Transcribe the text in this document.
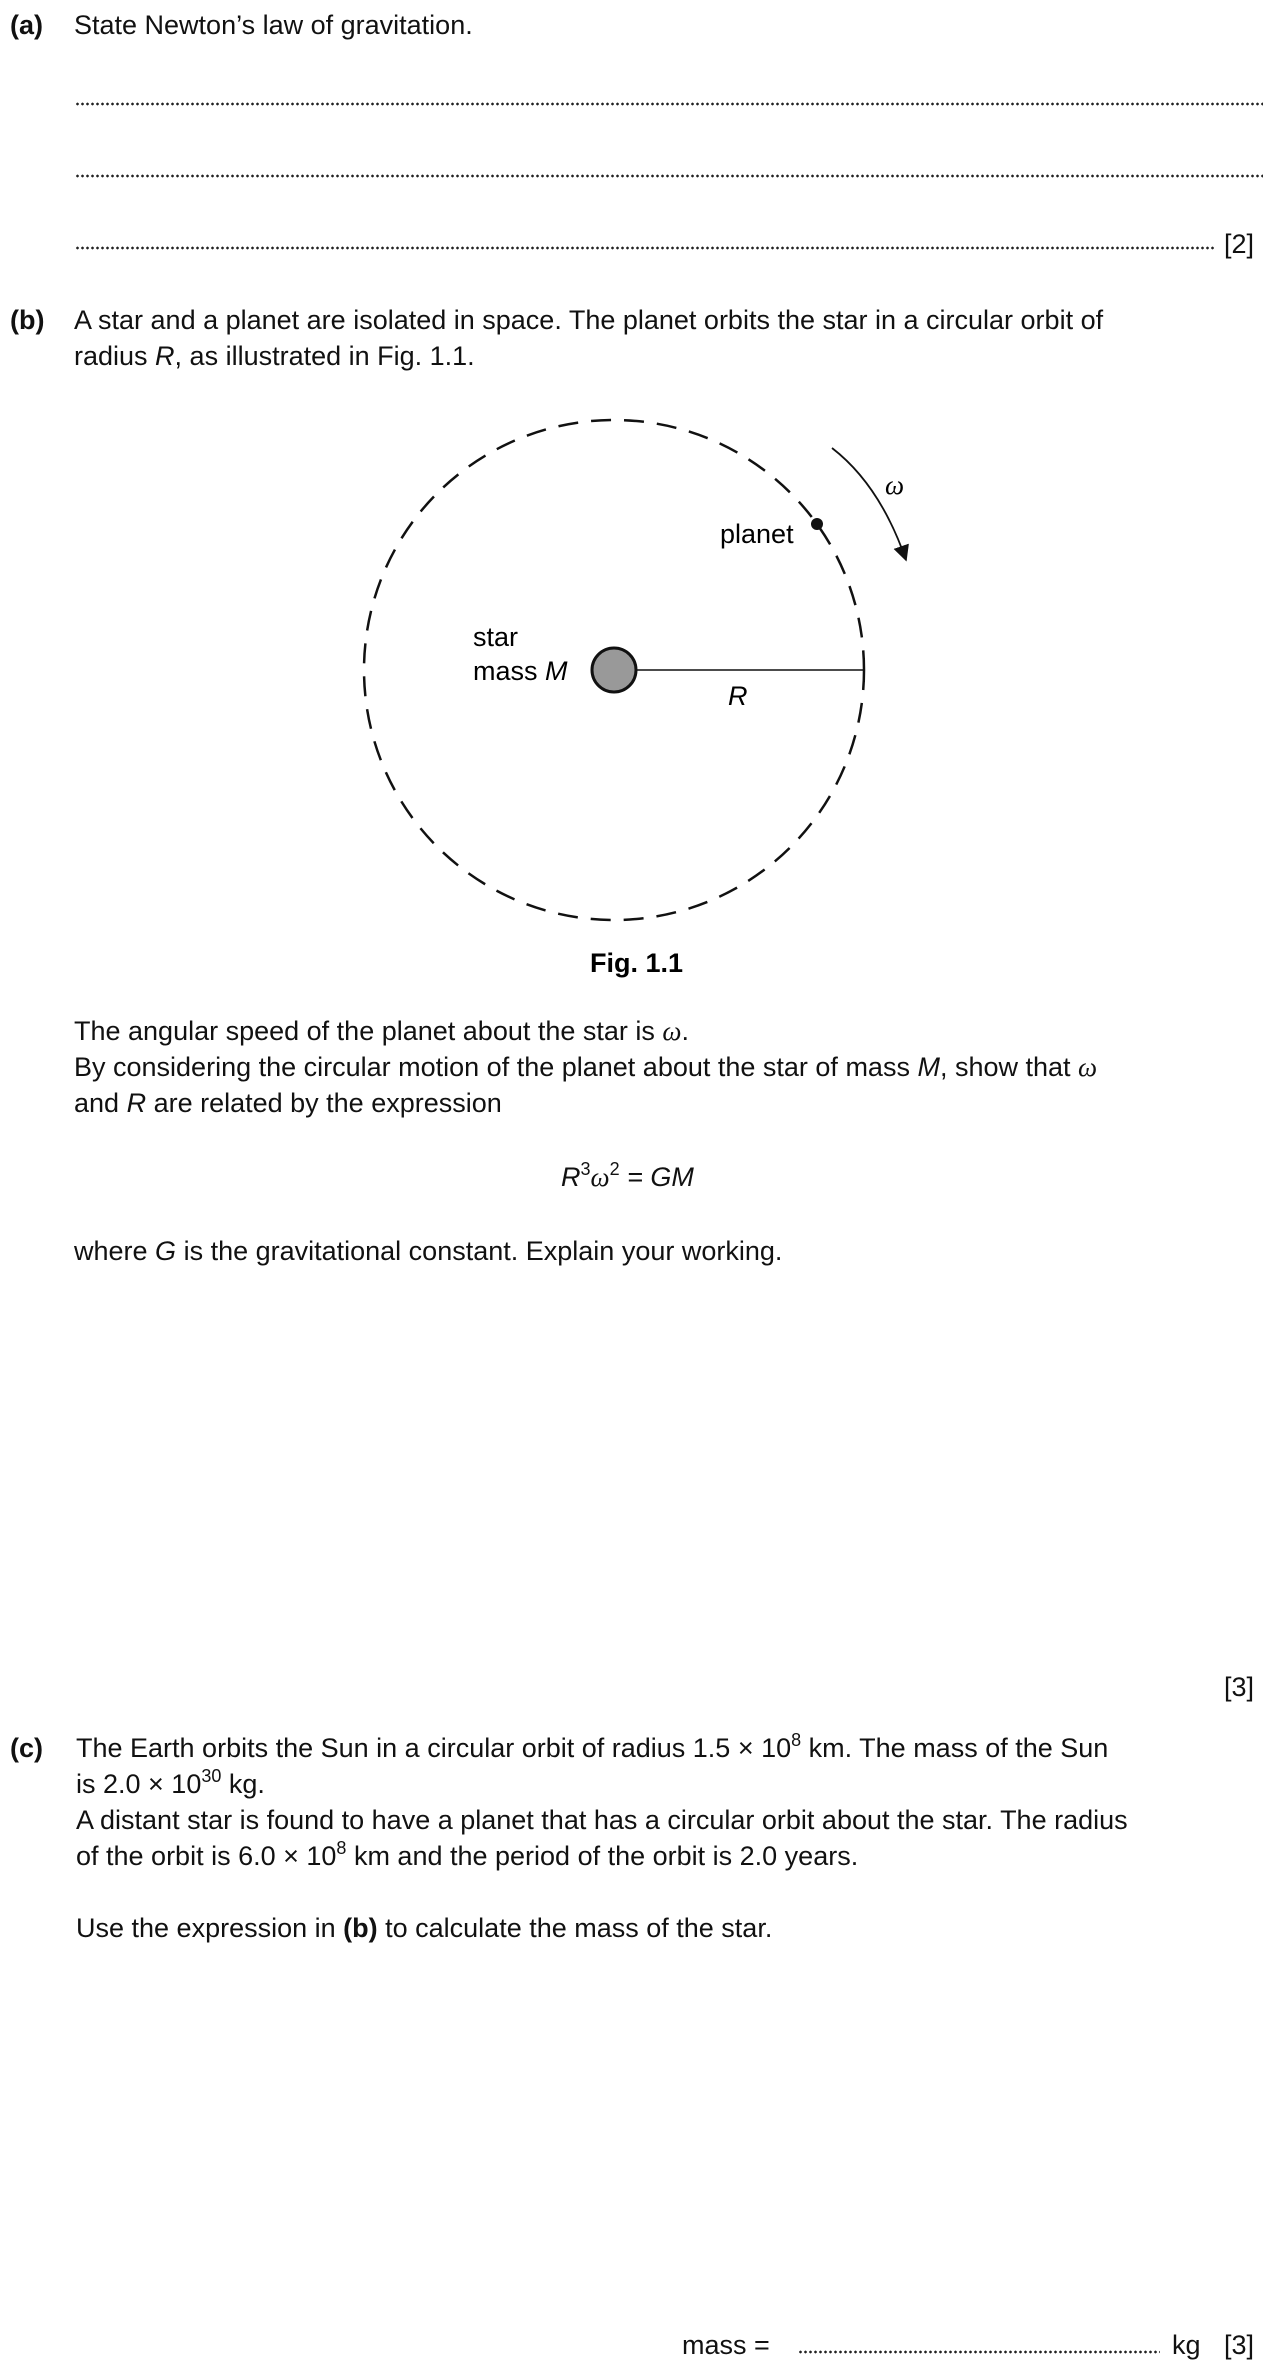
(a) State Newton’s law of gravitation.
[2]
(b) A star and a planet are isolated in space. The planet orbits the star in a circular orbit of
radius R, as illustrated in Fig. 1.1.
ω
planet
star
mass M
R
Fig. 1.1
The angular speed of the planet about the star is ω.
By considering the circular motion of the planet about the star of mass M, show that ω
and R are related by the expression
$R^3\omega^2$ = GM
where G is the gravitational constant. Explain your working.
[3]
(c) The Earth orbits the Sun in a circular orbit of radius $1.5 \times 10^8$ km. The mass of the Sun
is $2.0 \times 10^{30}$ kg.
A distant star is found to have a planet that has a circular orbit about the star. The radius
of the orbit is $6.0 \times 10^8$ km and the period of the orbit is 2.0 years.
Use the expression in (b) to calculate the mass of the star.
mass =	kg [3]
